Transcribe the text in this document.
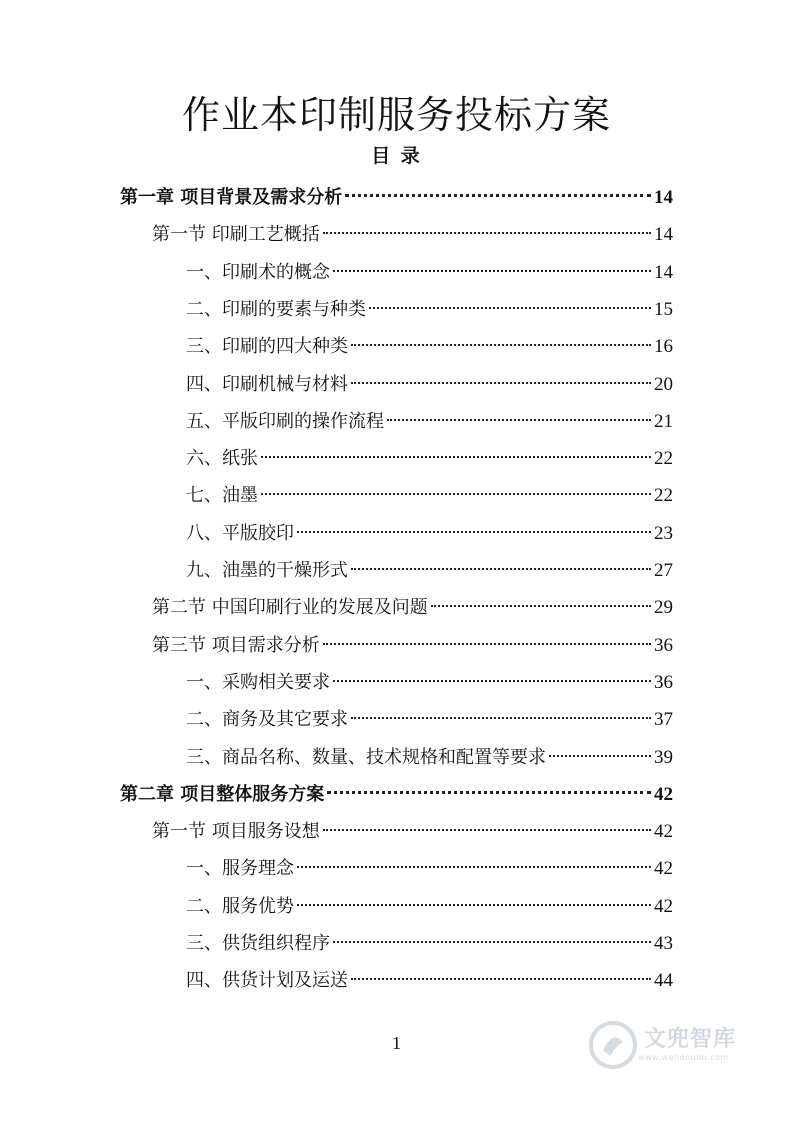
作业本印制服务投标方案
目 录
第一章 项目背景及需求分析	14
第一节 印刷工艺概括	14
一、印刷术的概念	14
二、印刷的要素与种类	15
三、印刷的四大种类	16
四、印刷机械与材料	20
五、平版印刷的操作流程	21
六、纸张	22
七、油墨	22
八、平版胶印	23
九、油墨的干燥形式	27
第二节 中国印刷行业的发展及问题	29
第三节 项目需求分析	36
一、采购相关要求	36
二、商务及其它要求	37
三、商品名称、数量、技术规格和配置等要求	39
第二章 项目整体服务方案	42
第一节 项目服务设想	42
一、服务理念	42
二、服务优势	42
三、供货组织程序	43
四、供货计划及运送	44
1	文兜智库
www.wendoulib.com
